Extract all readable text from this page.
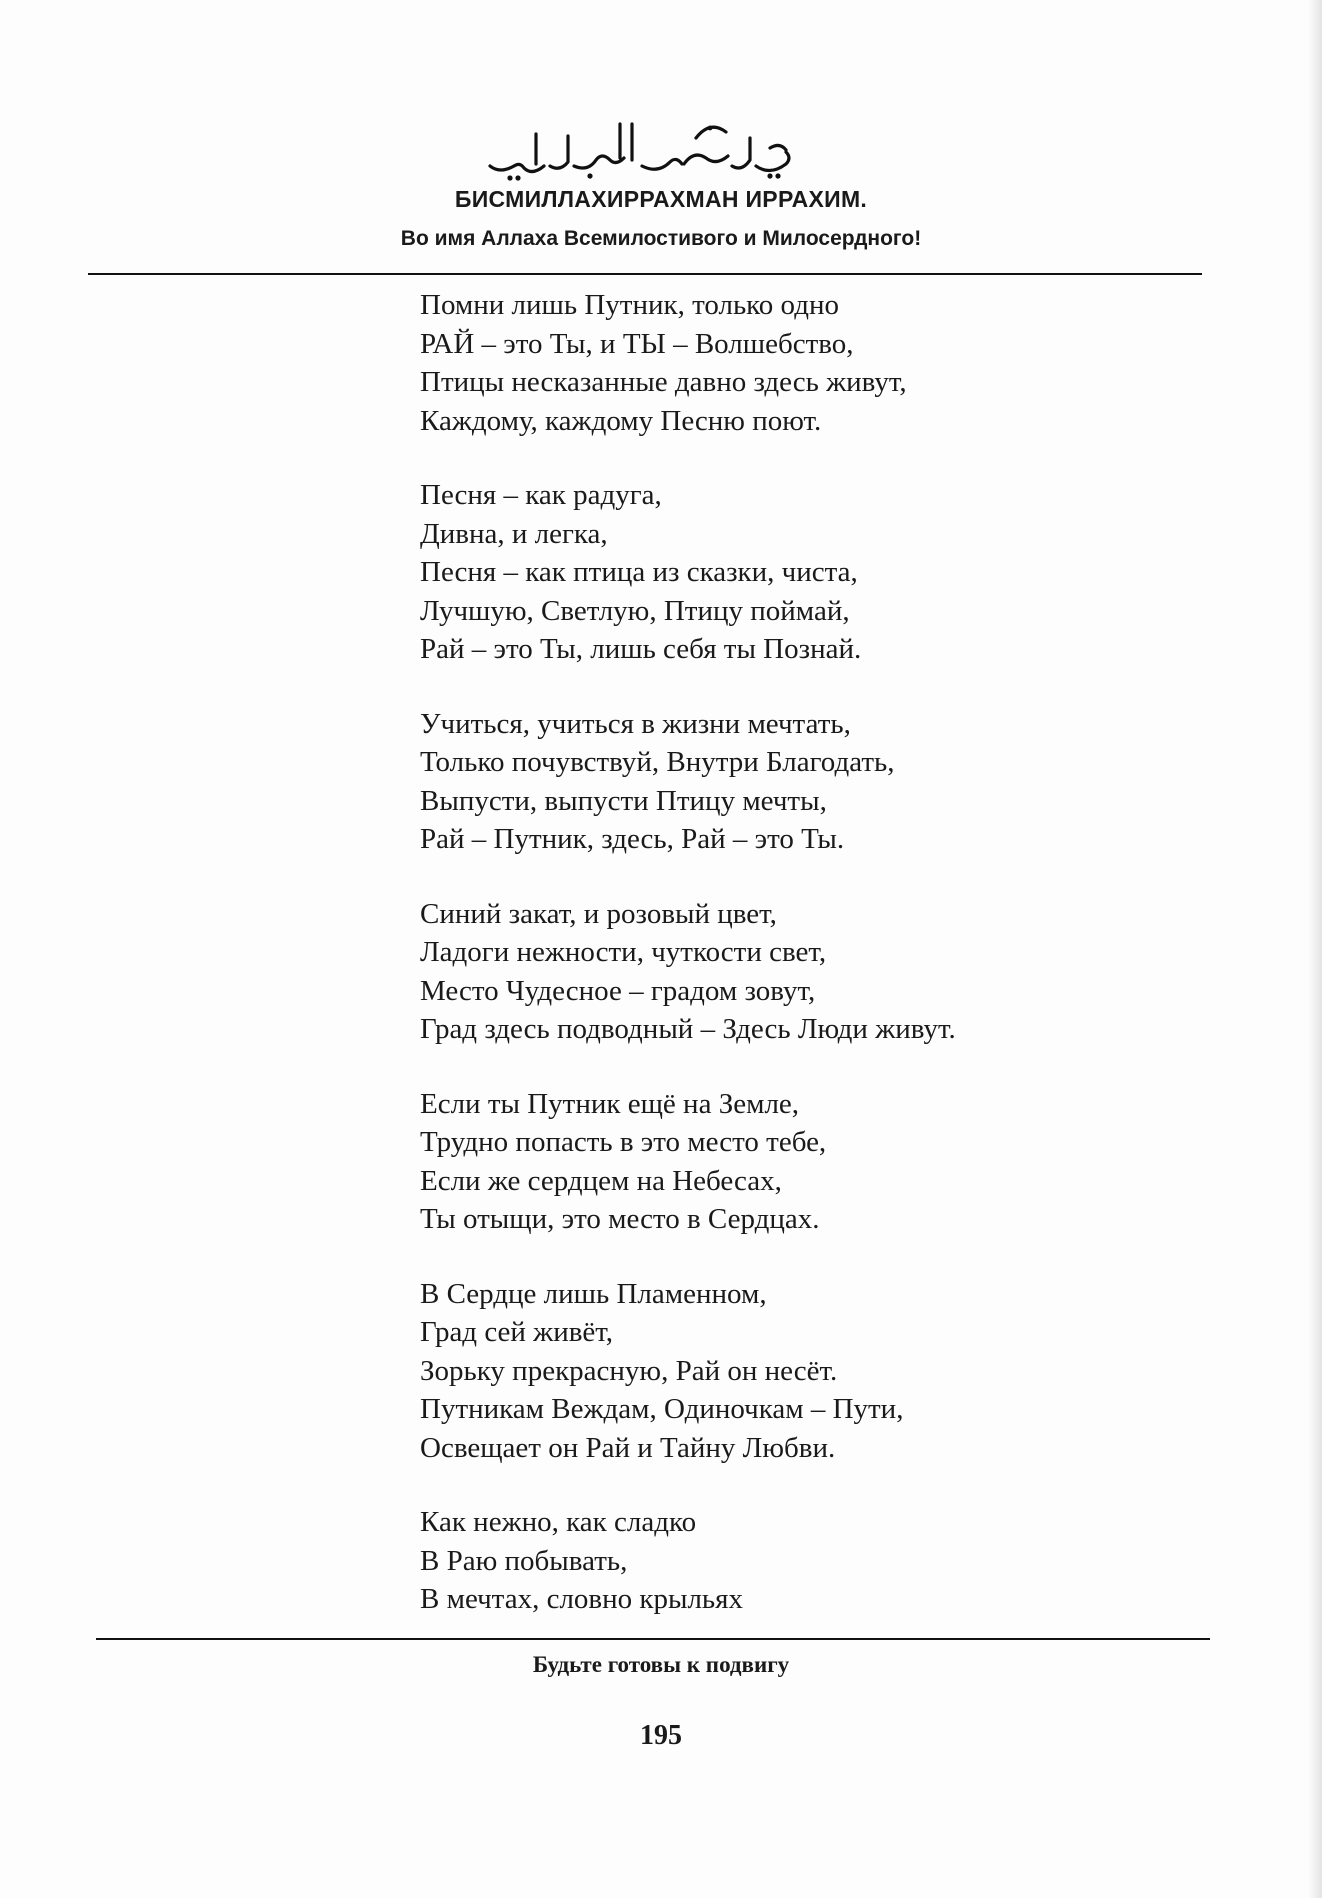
БИСМИЛЛАХИРРАХМАН ИРРАХИМ.
Во имя Аллаха Всемилостивого и Милосердного!
Помни лишь Путник, только одно
РАЙ – это Ты, и ТЫ – Волшебство,
Птицы несказанные давно здесь живут,
Каждому, каждому Песню поют.
Песня – как радуга,
Дивна, и легка,
Песня – как птица из сказки, чиста,
Лучшую, Светлую, Птицу поймай,
Рай – это Ты, лишь себя ты Познай.
Учиться, учиться в жизни мечтать,
Только почувствуй, Внутри Благодать,
Выпусти, выпусти Птицу мечты,
Рай – Путник, здесь, Рай – это Ты.
Синий закат, и розовый цвет,
Ладоги нежности, чуткости свет,
Место Чудесное – градом зовут,
Град здесь подводный – Здесь Люди живут.
Если ты Путник ещё на Земле,
Трудно попасть в это место тебе,
Если же сердцем на Небесах,
Ты отыщи, это место в Сердцах.
В Сердце лишь Пламенном,
Град сей живёт,
Зорьку прекрасную, Рай он несёт.
Путникам Веждам, Одиночкам – Пути,
Освещает он Рай и Тайну Любви.
Как нежно, как сладко
В Раю побывать,
В мечтах, словно крыльях
Будьте готовы к подвигу
195
